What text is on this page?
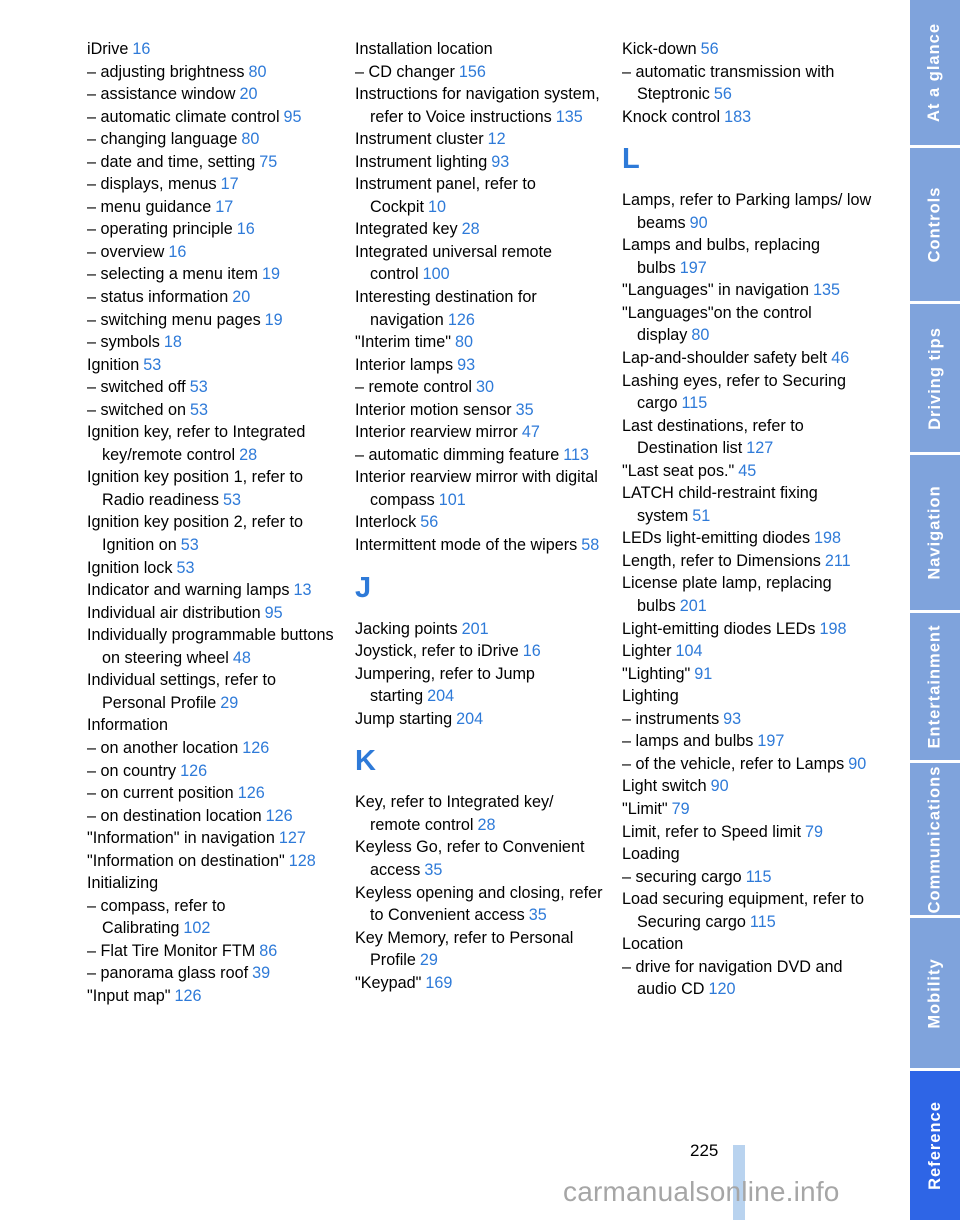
iDrive 16
– adjusting brightness 80
– assistance window 20
– automatic climate control 95
– changing language 80
– date and time, setting 75
– displays, menus 17
– menu guidance 17
– operating principle 16
– overview 16
– selecting a menu item 19
– status information 20
– switching menu pages 19
– symbols 18
Ignition 53
– switched off 53
– switched on 53
Ignition key, refer to Integrated key/remote control 28
Ignition key position 1, refer to Radio readiness 53
Ignition key position 2, refer to Ignition on 53
Ignition lock 53
Indicator and warning lamps 13
Individual air distribution 95
Individually programmable buttons on steering wheel 48
Individual settings, refer to Personal Profile 29
Information
– on another location 126
– on country 126
– on current position 126
– on destination location 126
"Information" in navigation 127
"Information on destination" 128
Initializing
– compass, refer to Calibrating 102
– Flat Tire Monitor FTM 86
– panorama glass roof 39
"Input map" 126
Installation location
– CD changer 156
Instructions for navigation system, refer to Voice instructions 135
Instrument cluster 12
Instrument lighting 93
Instrument panel, refer to Cockpit 10
Integrated key 28
Integrated universal remote control 100
Interesting destination for navigation 126
"Interim time" 80
Interior lamps 93
– remote control 30
Interior motion sensor 35
Interior rearview mirror 47
– automatic dimming feature 113
Interior rearview mirror with digital compass 101
Interlock 56
Intermittent mode of the wipers 58
J
Jacking points 201
Joystick, refer to iDrive 16
Jumpering, refer to Jump starting 204
Jump starting 204
K
Key, refer to Integrated key/ remote control 28
Keyless Go, refer to Convenient access 35
Keyless opening and closing, refer to Convenient access 35
Key Memory, refer to Personal Profile 29
"Keypad" 169
Kick-down 56
– automatic transmission with Steptronic 56
Knock control 183
L
Lamps, refer to Parking lamps/ low beams 90
Lamps and bulbs, replacing bulbs 197
"Languages" in navigation 135
"Languages"on the control display 80
Lap-and-shoulder safety belt 46
Lashing eyes, refer to Securing cargo 115
Last destinations, refer to Destination list 127
"Last seat pos." 45
LATCH child-restraint fixing system 51
LEDs light-emitting diodes 198
Length, refer to Dimensions 211
License plate lamp, replacing bulbs 201
Light-emitting diodes LEDs 198
Lighter 104
"Lighting" 91
Lighting
– instruments 93
– lamps and bulbs 197
– of the vehicle, refer to Lamps 90
Light switch 90
"Limit" 79
Limit, refer to Speed limit 79
Loading
– securing cargo 115
Load securing equipment, refer to Securing cargo 115
Location
– drive for navigation DVD and audio CD 120
At a glance
Controls
Driving tips
Navigation
Entertainment
Communications
Mobility
Reference
225
carmanualsonline.info
